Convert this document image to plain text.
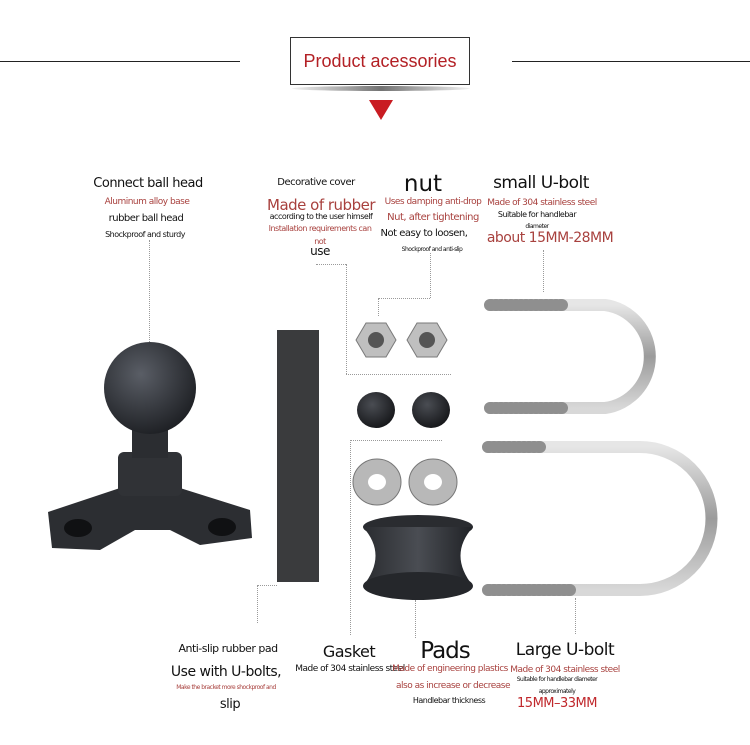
Product acessories
Connect ball head
Aluminum alloy base
rubber ball head
Shockproof and sturdy
Decorative cover
Made of rubber
according to the user himself
Installation requirements can
not
use
nut
Uses damping anti-drop
Nut, after tightening
Not easy to loosen,
Shockproof and anti-slip
small U-bolt
Made of 304 stainless steel
Suitable for handlebar
diameter
about 15MM-28MM
Anti-slip rubber pad
Use with U-bolts,
Make the bracket more shockproof and
slip
Gasket
Made of 304 stainless steel
Pads
Made of engineering plastics
also as increase or decrease
Handlebar thickness
Large U-bolt
Made of 304 stainless steel
Suitable for handlebar diameter
approximately
15MM–33MM
